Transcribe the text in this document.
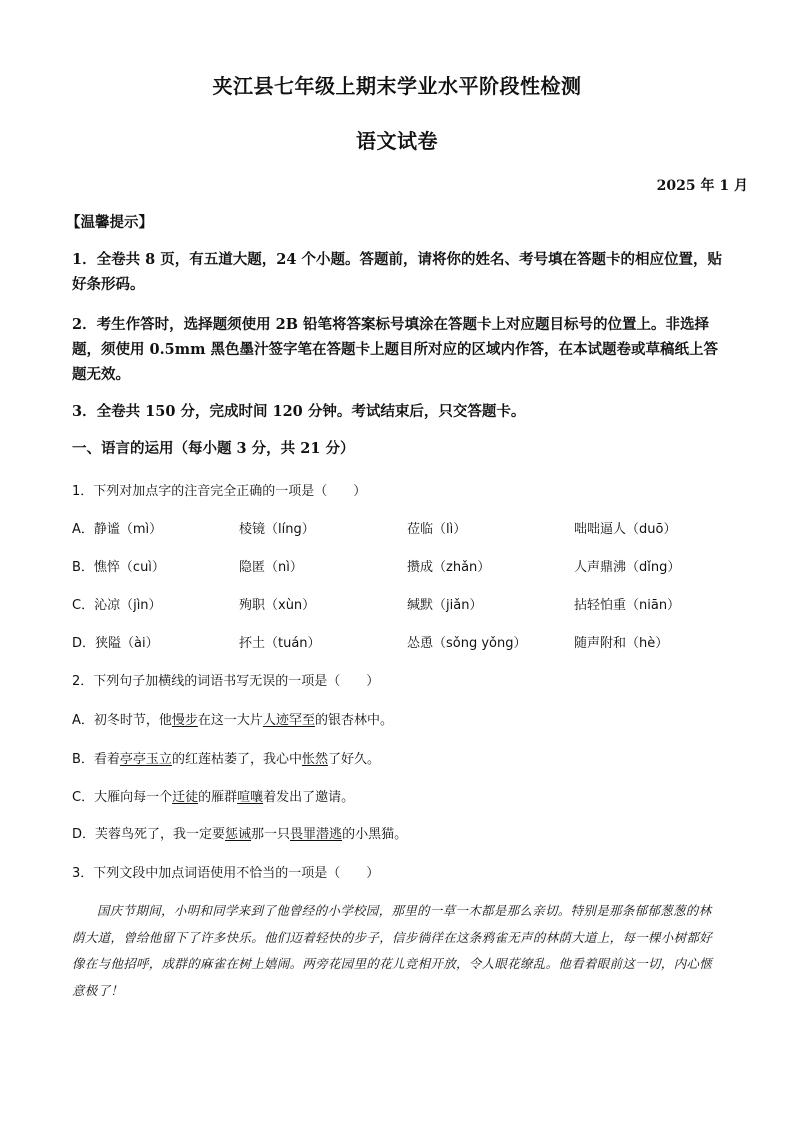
夹江县七年级上期末学业水平阶段性检测
语文试卷
2025 年 1 月
【温馨提示】

1．全卷共 8 页，有五道大题，24 个小题。答题前，请将你的姓名、考号填在答题卡的相应位置，贴好条形码。

2．考生作答时，选择题须使用 2B 铅笔将答案标号填涂在答题卡上对应题目标号的位置上。非选择题，须使用 0.5mm 黑色墨汁签字笔在答题卡上题目所对应的区域内作答，在本试题卷或草稿纸上答题无效。

3．全卷共 150 分，完成时间 120 分钟。考试结束后，只交答题卡。

一、语言的运用（每小题 3 分，共 21 分）
1．下列对加点字的注音完全正确的一项是（　　）
A．静谧（mì）	棱镜（líng）	莅临（lì）	咄咄逼人（duō）
B．憔悴（cuì）	隐匿（nì）	攒成（zhǎn）	人声鼎沸（dǐng）
C．沁凉（jìn）	殉职（xùn）	缄默（jiǎn）	拈轻怕重（niān）
D．狭隘（ài）	抔土（tuán）	怂恿（sǒng yǒng）	随声附和（hè）
2．下列句子加横线的词语书写无误的一项是（　　）
A．初冬时节，他慢步在这一大片人迹罕至的银杏林中。
B．看着亭亭玉立的红莲枯萎了，我心中怅然了好久。
C．大雁向每一个迁徒的雁群喧嚷着发出了邀请。
D．芙蓉鸟死了，我一定要惩诫那一只畏罪潜逃的小黑猫。
3．下列文段中加点词语使用不恰当的一项是（　　）

国庆节期间，小明和同学来到了他曾经的小学校园，那里的一草一木都是那么亲切。特别是那条郁郁葱葱的林荫大道，曾给他留下了许多快乐。他们迈着轻快的步子，信步徜徉在这条鸦雀无声的林荫大道上，每一棵小树都好像在与他招呼，成群的麻雀在树上嬉闹。两旁花园里的花儿竞相开放，令人眼花缭乱。他看着眼前这一切，内心惬意极了！
